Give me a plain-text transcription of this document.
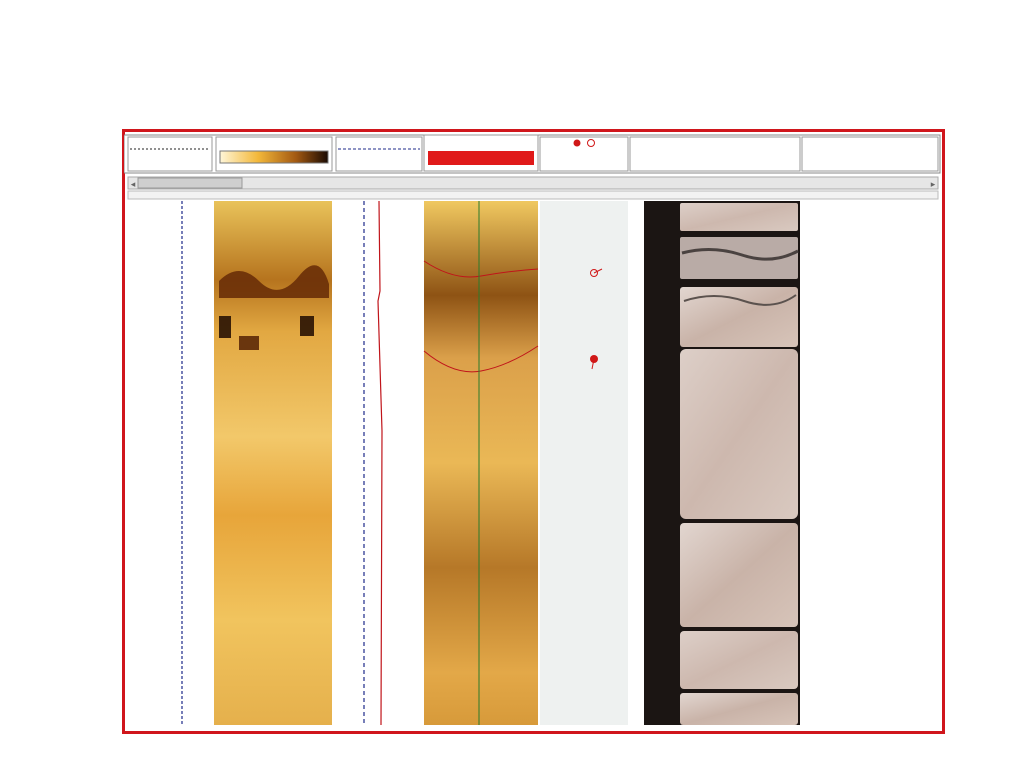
◂	▸
